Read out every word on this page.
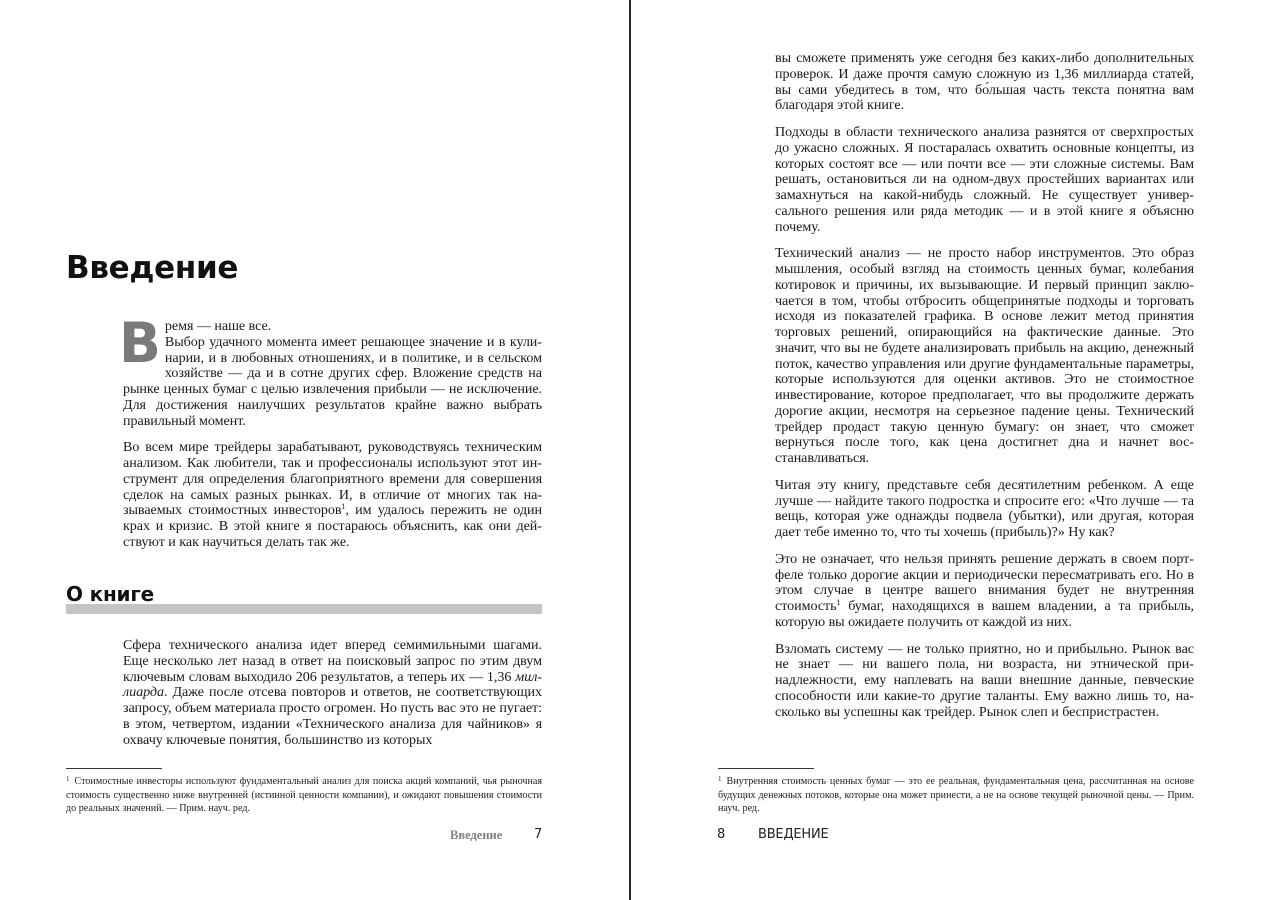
Введение

В ремя — наше все.
Выбор удачного момента имеет решающее значение и в кулинарии, и в любовных отношениях, и в политике, и в сельском хозяйстве — да и в сотне других сфер. Вложение средств на рынке ценных бумаг с целью извлечения прибыли — не исключение. Для достижения наилучших результатов крайне важно выбрать правильный момент.

Во всем мире трейдеры зарабатывают, руководствуясь техническим анализом. Как любители, так и профессионалы используют этот инструмент для определения благоприятного времени для совершения сделок на самых разных рынках. И, в отличие от многих так называемых стоимостных инвесторов$^1$, им удалось пережить не один крах и кризис. В этой книге я постараюсь объяснить, как они действуют и как научиться делать так же.

О книге

Сфера технического анализа идет вперед семимильными шагами. Еще несколько лет назад в ответ на поисковый запрос по этим двум ключевым словам выходило 206 результатов, а теперь их — 1,36 миллиарда. Даже после отсева повторов и ответов, не соответствующих запросу, объем материала просто огромен. Но пусть вас это не пугает: в этом, четвертом, издании «Технического анализа для чайников» я охвачу ключевые понятия, большинство из которых

$^1$ Стоимостные инвесторы используют фундаментальный анализ для поиска акций компаний, чья рыночная стоимость существенно ниже внутренней (истинной ценности компании), и ожидают повышения стоимости до реальных значений. — Прим. науч. ред.
Введение 7

вы сможете применять уже сегодня без каких-либо дополнительных проверок. И даже прочтя самую сложную из 1,36 миллиарда статей, вы сами убедитесь в том, что бо́льшая часть текста понятна вам благодаря этой книге.

Подходы в области технического анализа разнятся от сверхпростых до ужасно сложных. Я постаралась охватить основные концепты, из которых состоят все — или почти все — эти сложные системы. Вам решать, остановиться ли на одном-двух простейших вариантах или замахнуться на какой-нибудь сложный. Не существует универсального решения или ряда методик — и в этой книге я объясню почему.

Технический анализ — не просто набор инструментов. Это образ мышления, особый взгляд на стоимость ценных бумаг, колебания котировок и причины, их вызывающие. И первый принцип заключается в том, чтобы отбросить общепринятые подходы и торговать исходя из показателей графика. В основе лежит метод принятия торговых решений, опирающийся на фактические данные. Это значит, что вы не будете анализировать прибыль на акцию, денежный поток, качество управления или другие фундаментальные параметры, которые используются для оценки активов. Это не стоимостное инвестирование, которое предполагает, что вы продолжите держать дорогие акции, несмотря на серьезное падение цены. Технический трейдер продаст такую ценную бумагу: он знает, что сможет вернуться после того, как цена достигнет дна и начнет восстанавливаться.

Читая эту книгу, представьте себя десятилетним ребенком. А еще лучше — найдите такого подростка и спросите его: «Что лучше — та вещь, которая уже однажды подвела (убытки), или другая, которая дает тебе именно то, что ты хочешь (прибыль)?» Ну как?

Это не означает, что нельзя принять решение держать в своем портфеле только дорогие акции и периодически пересматривать его. Но в этом случае в центре вашего внимания будет не внутренняя стоимость$^1$ бумаг, находящихся в вашем владении, а та прибыль, которую вы ожидаете получить от каждой из них.

Взломать систему — не только приятно, но и прибыльно. Рынок вас не знает — ни вашего пола, ни возраста, ни этнической принадлежности, ему наплевать на ваши внешние данные, певческие способности или какие-то другие таланты. Ему важно лишь то, насколько вы успешны как трейдер. Рынок слеп и беспристрастен.

$^1$ Внутренняя стоимость ценных бумаг — это ее реальная, фундаментальная цена, рассчитанная на основе будущих денежных потоков, которые она может принести, а не на основе текущей рыночной цены. — Прим. науч. ред.
8	ВВЕДЕНИЕ
